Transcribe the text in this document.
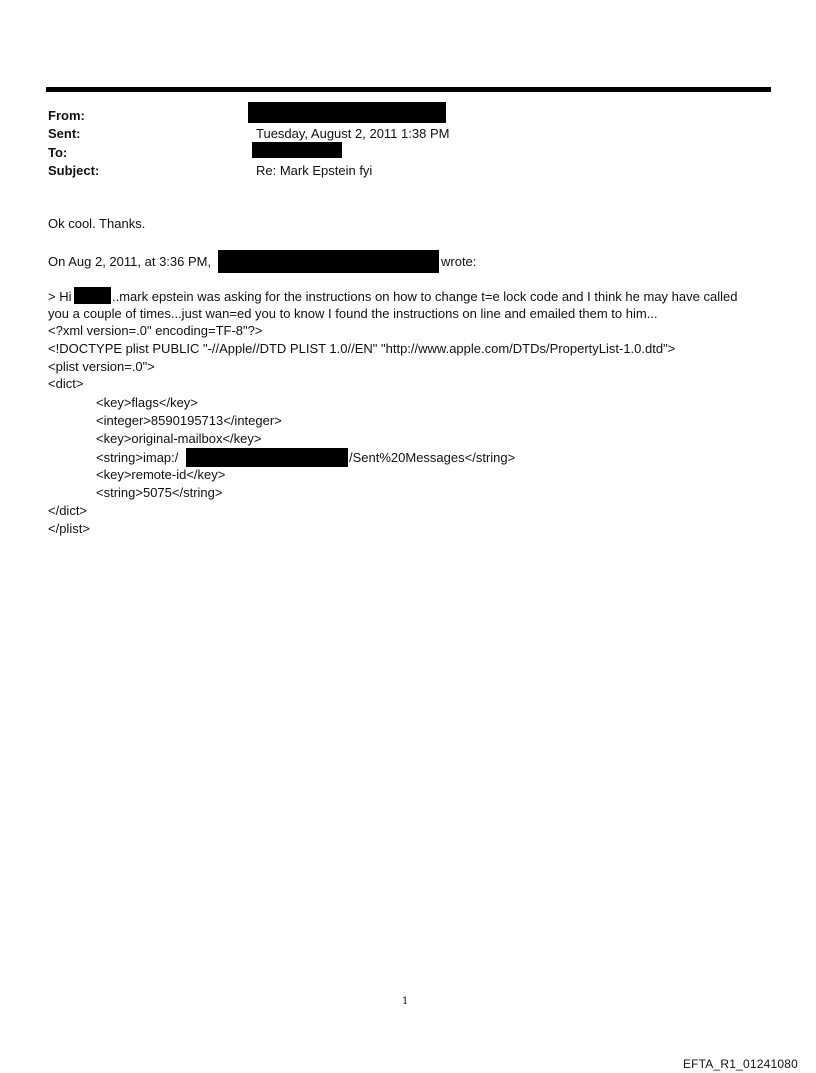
From:
Sent:	Tuesday, August 2, 2011 1:38 PM
To:
Subject:	Re: Mark Epstein fyi
Ok cool. Thanks.
On Aug 2, 2011, at 3:36 PM,	wrote:
> Hi	..mark epstein was asking for the instructions on how to change t=e lock code and I think he may have called
you a couple of times...just wan=ed you to know I found the instructions on line and emailed them to him...
<?xml version=.0" encoding=TF-8"?>
<!DOCTYPE plist PUBLIC "-//Apple//DTD PLIST 1.0//EN" "http://www.apple.com/DTDs/PropertyList-1.0.dtd">
<plist version=.0">
<dict>
<key>flags</key>
<integer>8590195713</integer>
<key>original-mailbox</key>
<string>imap:/	/Sent%20Messages</string>
<key>remote-id</key>
<string>5075</string>
</dict>
</plist>
1
EFTA_R1_01241080
